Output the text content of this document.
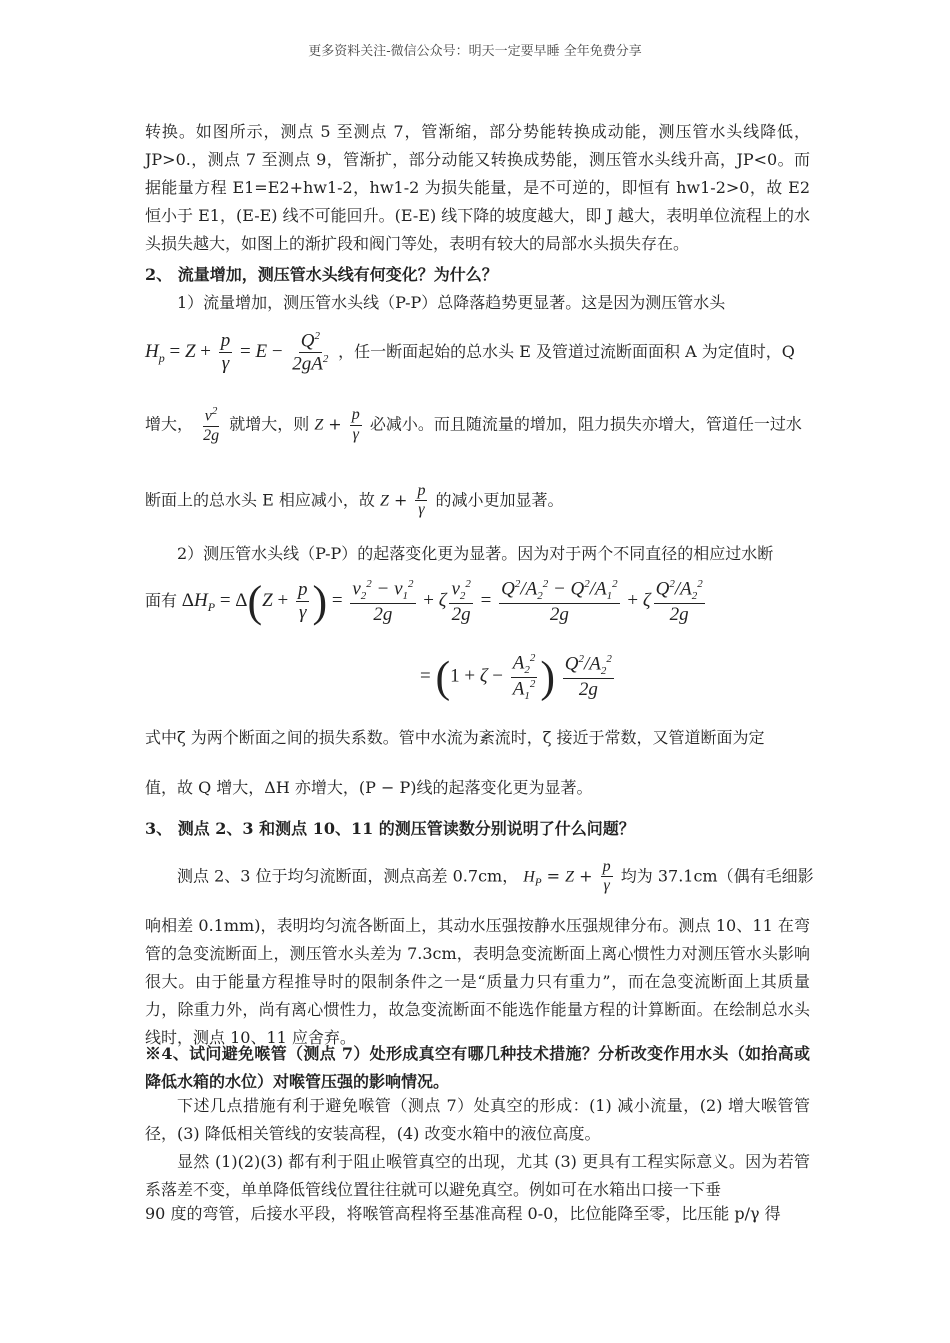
更多资料关注-微信公众号：明天一定要早睡 全年免费分享
转换。如图所示，测点 5 至测点 7，管渐缩，部分势能转换成动能，测压管水头线降低，JP>0.，测点 7 至测点 9，管渐扩，部分动能又转换成势能，测压管水头线升高，JP<0。而据能量方程 E1=E2+hw1-2，hw1-2 为损失能量，是不可逆的，即恒有 hw1-2>0，故 E2 恒小于 E1，(E-E) 线不可能回升。(E-E) 线下降的坡度越大，即 J 越大，表明单位流程上的水头损失越大，如图上的渐扩段和阀门等处，表明有较大的局部水头损失存在。
2、 流量增加，测压管水头线有何变化？为什么？
1）流量增加，测压管水头线（P-P）总降落趋势更显著。这是因为测压管水头
$H_p = Z + \frac{p}{\gamma} = E - \frac{Q^2}{2gA^2}$ ，任一断面起始的总水头 E 及管道过流断面面积 A 为定值时，Q
增大， $\frac{v^2}{2g}$ 就增大，则 $Z + \frac{p}{\gamma}$ 必减小。而且随流量的增加，阻力损失亦增大，管道任一过水
断面上的总水头 E 相应减小，故 $Z + \frac{p}{\gamma}$ 的减小更加显著。
2）测压管水头线（P-P）的起落变化更为显著。因为对于两个不同直径的相应过水断
面有 $\Delta H_P = \Delta(Z + \frac{p}{\gamma}$ ) = $\frac{v_2^2 - v_1^2}{2g} + \zeta \frac{v_2^2}{2g} = \frac{Q^2/A_2^2 - Q^2/A_1^2}{2g} + \zeta \frac{Q^2/A_2^2}{2g}$
= ($1 + \zeta - \frac{A_2^2}{A_1^2}$ ) $\frac{Q^2/A_2^2}{2g}$
式中ζ 为两个断面之间的损失系数。管中水流为紊流时，ζ 接近于常数，又管道断面为定
值，故 Q 增大，ΔH 亦增大，(P − P)线的起落变化更为显著。
3、 测点 2、3 和测点 10、11 的测压管读数分别说明了什么问题？
测点 2、3 位于均匀流断面，测点高差 0.7cm， $H_P = Z + \frac{p}{\gamma}$ 均为 37.1cm（偶有毛细影
响相差 0.1mm)，表明均匀流各断面上，其动水压强按静水压强规律分布。测点 10、11 在弯管的急变流断面上，测压管水头差为 7.3cm，表明急变流断面上离心惯性力对测压管水头影响很大。由于能量方程推导时的限制条件之一是“质量力只有重力”，而在急变流断面上其质量力，除重力外，尚有离心惯性力，故急变流断面不能选作能量方程的计算断面。在绘制总水头线时，测点 10、11 应舍弃。
※4、试问避免喉管（测点 7）处形成真空有哪几种技术措施？分析改变作用水头（如抬高或降低水箱的水位）对喉管压强的影响情况。
下述几点措施有利于避免喉管（测点 7）处真空的形成：(1) 减小流量，(2) 增大喉管管径，(3) 降低相关管线的安装高程，(4) 改变水箱中的液位高度。
显然 (1)(2)(3) 都有利于阻止喉管真空的出现，尤其 (3) 更具有工程实际意义。因为若管系落差不变，单单降低管线位置往往就可以避免真空。例如可在水箱出口接一下垂
90 度的弯管，后接水平段，将喉管高程将至基准高程 0-0，比位能降至零，比压能 p/γ 得
